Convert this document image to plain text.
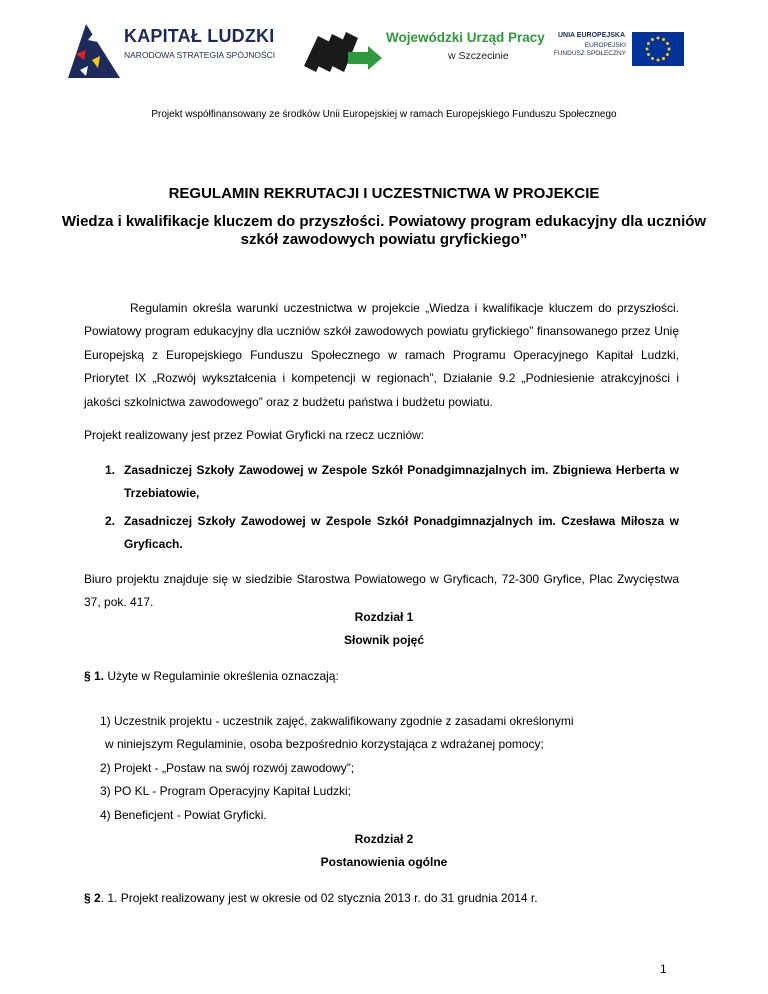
KAPITAŁ LUDZKI
NARODOWA STRATEGIA SPÓJNOŚCI
Wojewódzki Urząd Pracy
w Szczecinie
UNIA EUROPEJSKA
EUROPEJSKI
FUNDUSZ SPOŁECZNY
Projekt współfinansowany ze środków Unii Europejskiej w ramach Europejskiego Funduszu Społecznego
REGULAMIN REKRUTACJI I UCZESTNICTWA W PROJEKCIE
Wiedza i kwalifikacje kluczem do przyszłości. Powiatowy program edukacyjny dla uczniów szkół zawodowych powiatu gryfickiego”
Regulamin określa warunki uczestnictwa w projekcie „Wiedza i kwalifikacje kluczem do przyszłości. Powiatowy program edukacyjny dla uczniów szkół zawodowych powiatu gryfickiego” finansowanego przez Unię Europejską z Europejskiego Funduszu Społecznego w ramach Programu Operacyjnego Kapitał Ludzki, Priorytet IX „Rozwój wykształcenia i kompetencji w regionach”, Działanie 9.2 „Podniesienie atrakcyjności i jakości szkolnictwa zawodowego” oraz z budżetu państwa i budżetu powiatu.
Projekt realizowany jest przez Powiat Gryficki na rzecz uczniów:
1. Zasadniczej Szkoły Zawodowej w Zespole Szkół Ponadgimnazjalnych im. Zbigniewa Herberta w Trzebiatowie,
2. Zasadniczej Szkoły Zawodowej w Zespole Szkół Ponadgimnazjalnych im. Czesława Miłosza w Gryficach.
Biuro projektu znajduje się w siedzibie Starostwa Powiatowego w Gryficach, 72-300 Gryfice, Plac Zwycięstwa 37, pok. 417.
Rozdział 1
Słownik pojęć
§ 1. Użyte w Regulaminie określenia oznaczają:
1) Uczestnik projektu - uczestnik zajęć, zakwalifikowany zgodnie z zasadami określonymi
w niniejszym Regulaminie, osoba bezpośrednio korzystająca z wdrażanej pomocy;
2) Projekt - „Postaw na swój rozwój zawodowy”;
3) PO KL - Program Operacyjny Kapitał Ludzki;
4) Beneficjent - Powiat Gryficki.
Rozdział 2
Postanowienia ogólne
§ 2. 1. Projekt realizowany jest w okresie od 02 stycznia 2013 r. do 31 grudnia 2014 r.
1
